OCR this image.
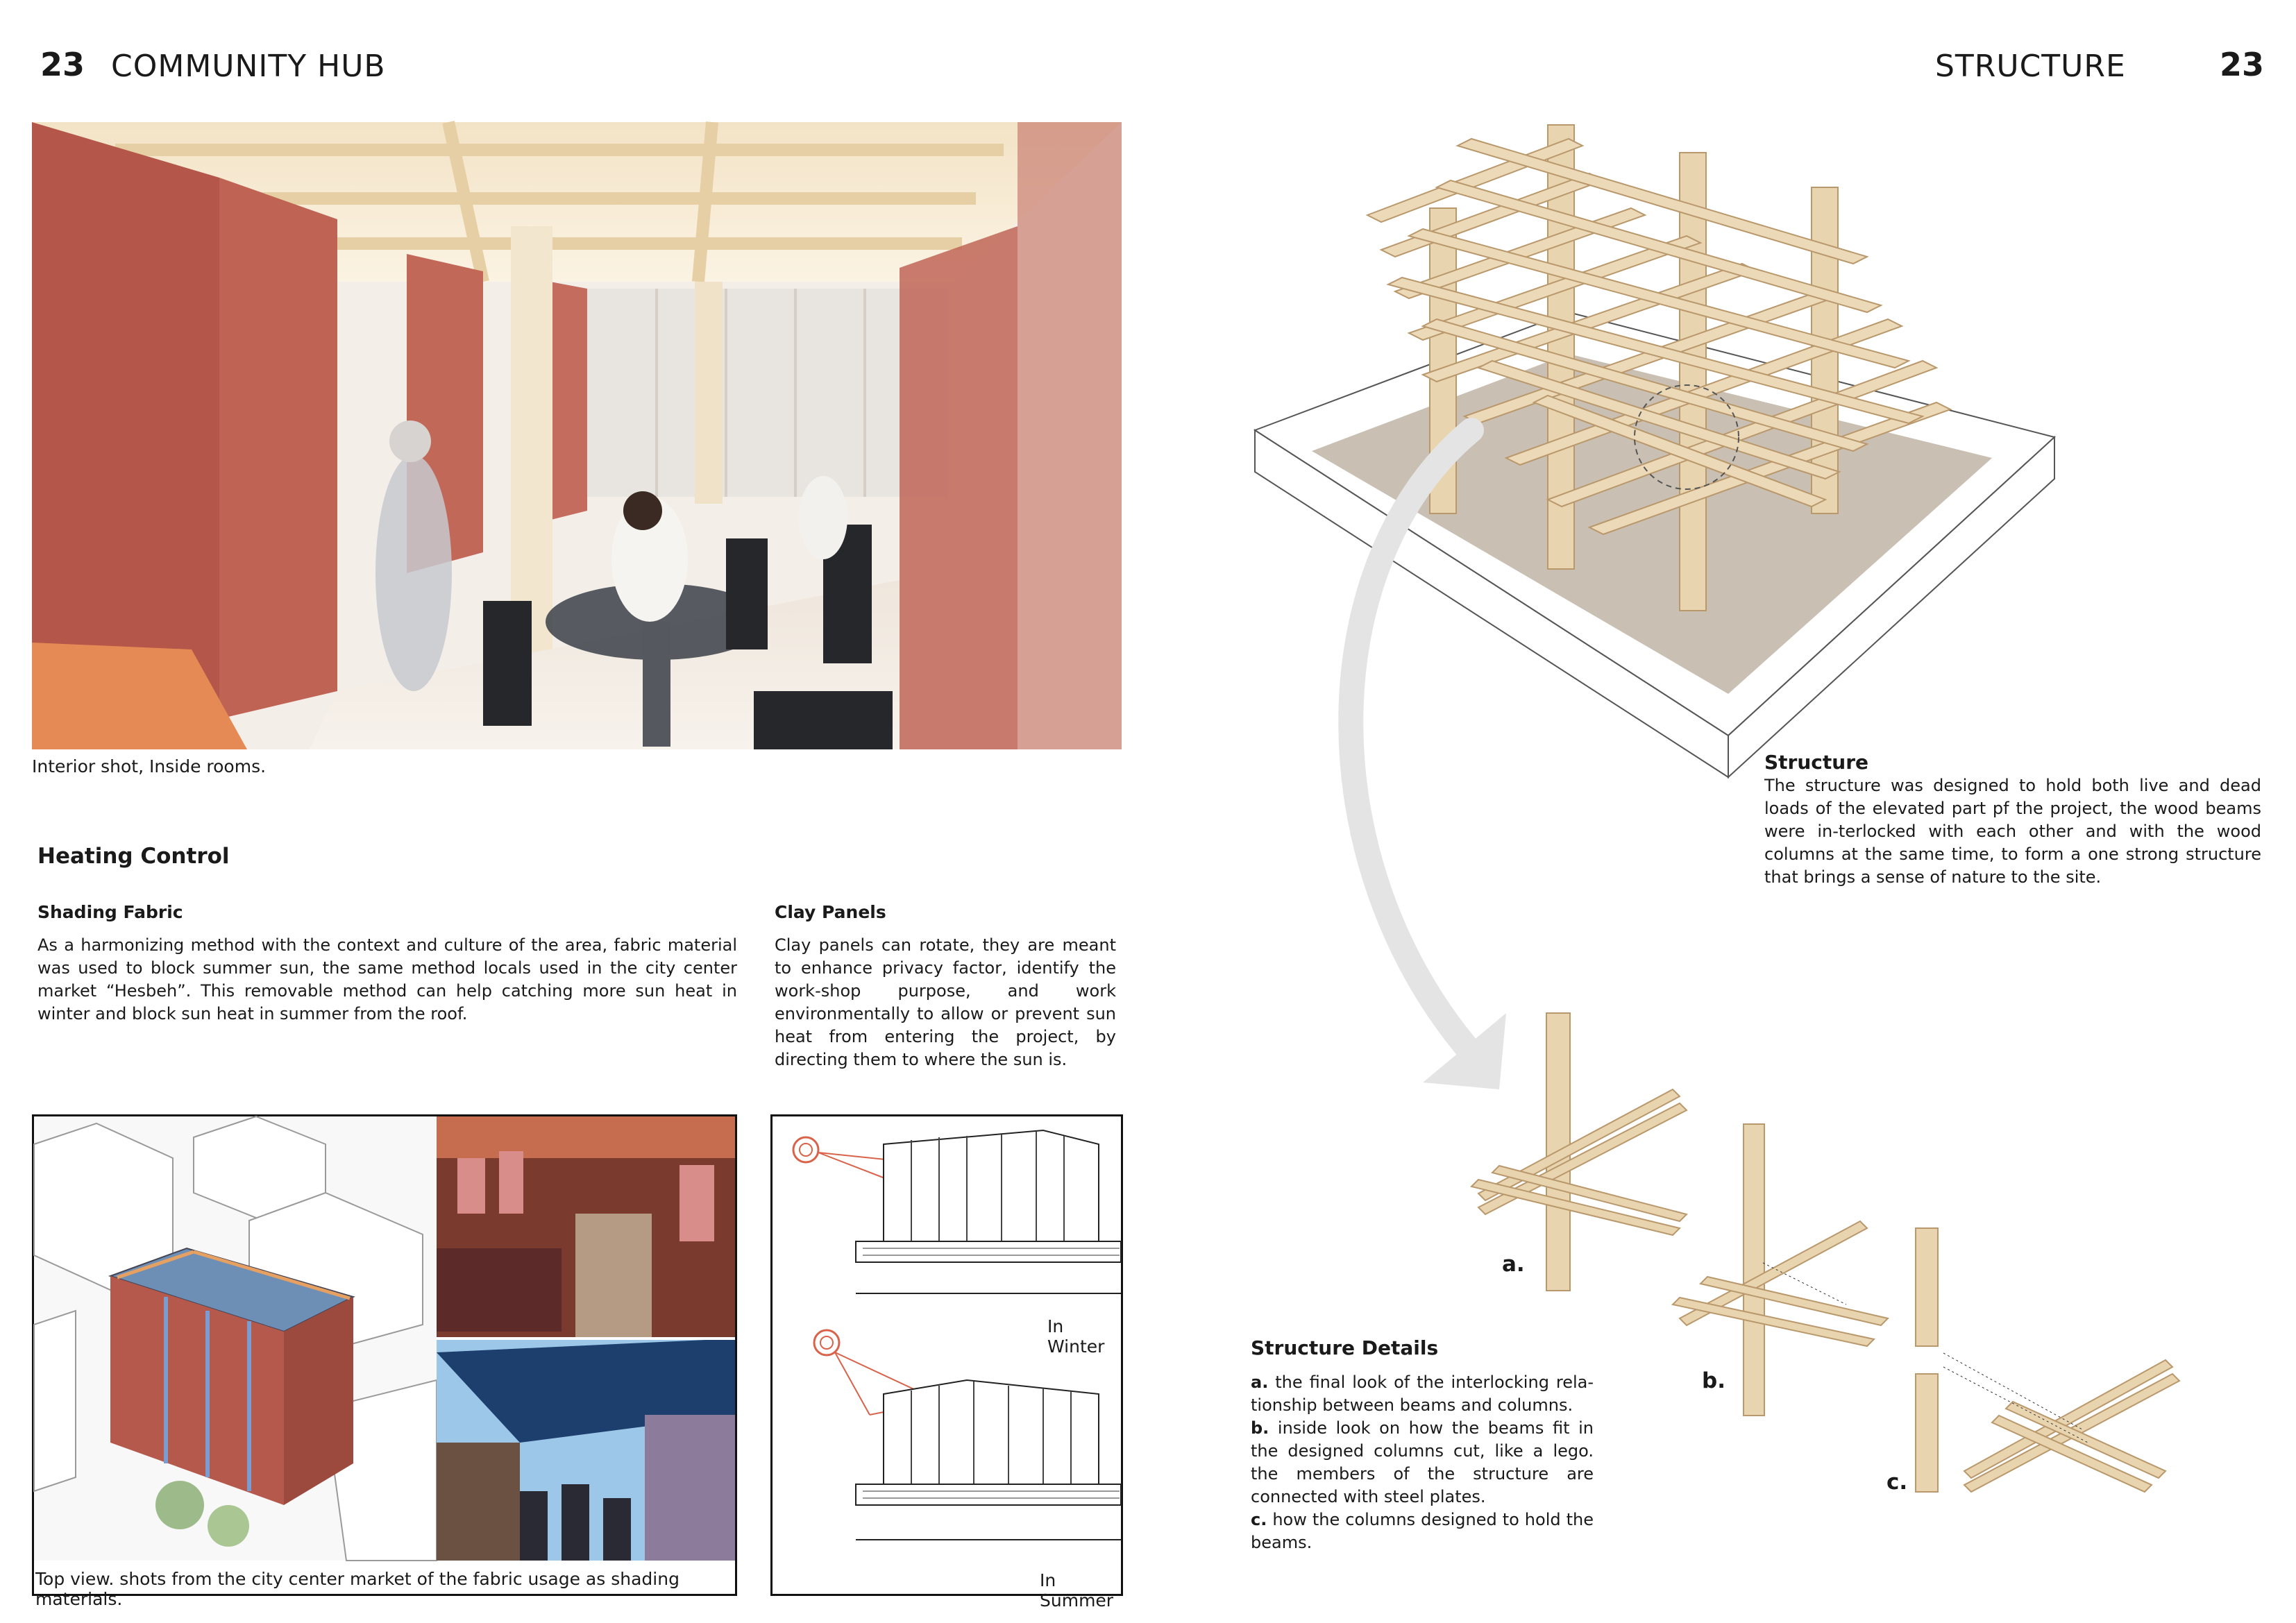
23 COMMUNITY HUB	STRUCTURE	23
Interior shot, Inside rooms.
Heating Control
Shading Fabric
As a harmonizing method with the context and culture of the area, fabric material was used to block summer sun, the same method locals used in the city center market “Hesbeh”. This removable method can help catching more sun heat in winter and block sun heat in summer from the roof.
Clay Panels
Clay panels can rotate, they are meant to enhance privacy factor, identify the work-shop purpose, and work environmentally to allow or prevent sun heat from entering the project, by directing them to where the sun is.
Top view. shots from the city center market of the fabric usage as shading materials.
In Winter
In Summer
Structure
The structure was designed to hold both live and dead loads of the elevated part pf the project, the wood beams were in-terlocked with each other and with the wood columns at the same time, to form a one strong structure that brings a sense of nature to the site.
a.
b.
c.
Structure Details
a. the final look of the interlocking rela-tionship between beams and columns.
b. inside look on how the beams fit in the designed columns cut, like a lego. the members of the structure are connected with steel plates.
c. how the columns designed to hold the beams.
